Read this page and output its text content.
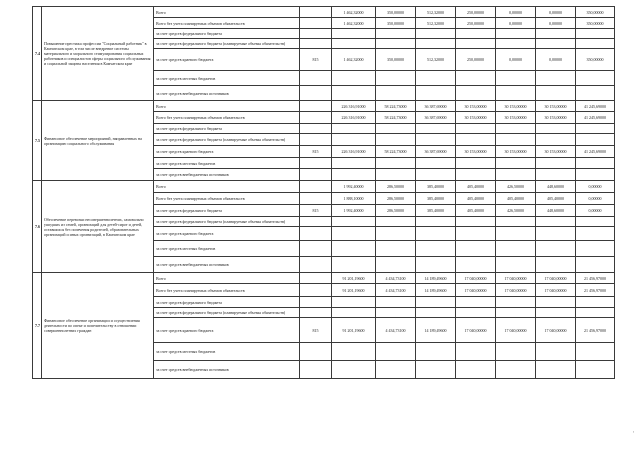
7.4	Повышение престижа профессии "Социальный работник" в Камчатском крае, в том числе внедрение системы материального и морального стимулирования социальных работников и специалистов сферы социального обслуживания и социальной защиты населения в Камчатском крае	Всего		1 462,32000	350,00000	512,32000	250,00000	0,00000	0,00000	350,00000
		Всего без учета планируемых объемов обязательств		1 462,32000	350,00000	512,32000	250,00000	0,00000	0,00000	350,00000
		за счет средств федерального бюджета								
		за счет средств федерального бюджета (планируемые объемы обязательств)								
		за счет средств краевого бюджета	815	1 462,32000	350,00000	512,32000	250,00000	0,00000	0,00000	350,00000
		за счет средств местных бюджетов								
		за счет средств внебюджетных источников								
7.5	Финансовое обеспечение мероприятий, направленных на организацию социального обслуживания	Всего		226 316,91000	58 224,73000	36 387,69000	30 153,00000	30 153,00000	30 153,00000	41 245,69000
		Всего без учета планируемых объемов обязательств		226 316,91000	58 224,73000	36 387,69000	30 153,00000	30 153,00000	30 153,00000	41 245,69000
		за счет средств федерального бюджета								
		за счет средств федерального бюджета (планируемые объемы обязательств)								
		за счет средств краевого бюджета	815	226 316,91000	58 224,73000	36 387,69000	30 153,00000	30 153,00000	30 153,00000	41 245,69000
		за счет средств местных бюджетов								
		за счет средств внебюджетных источников								
7.6	Обеспечение перевозки несовершеннолетних, самовольно ушедших из семей, организаций для детей-сирот и детей, оставшихся без попечения родителей, образовательных организаций и иных организаций, в Камчатском крае	Всего		1 992,40000	286,50000	385,40000	405,40000	426,50000	448,60000	0,00000
		Всего без учета планируемых объемов обязательств		1 888,10000	286,50000	385,40000	405,40000	405,40000	405,40000	0,00000
		за счет средств федерального бюджета	815	1 992,40000	286,50000	385,40000	405,40000	426,50000	448,60000	0,00000
		за счет средств федерального бюджета (планируемые объемы обязательств)								
		за счет средств краевого бюджета								
		за счет средств местных бюджетов								
		за счет средств внебюджетных источников								
7.7	Финансовое обеспечение организации и осуществления деятельности по опеке и попечительству в отношении совершеннолетних граждан	Всего		91 201,19600	4 434,73100	14 189,49600	17 040,00000	17 040,00000	17 040,00000	21 456,97000
		Всего без учета планируемых объемов обязательств		91 201,19600	4 434,73100	14 189,49600	17 040,00000	17 040,00000	17 040,00000	21 456,97000
		за счет средств федерального бюджета								
		за счет средств федерального бюджета (планируемые объемы обязательств)								
		за счет средств краевого бюджета	815	91 201,19600	4 434,73100	14 189,49600	17 040,00000	17 040,00000	17 040,00000	21 456,97000
		за счет средств местных бюджетов								
		за счет средств внебюджетных источников								
,
